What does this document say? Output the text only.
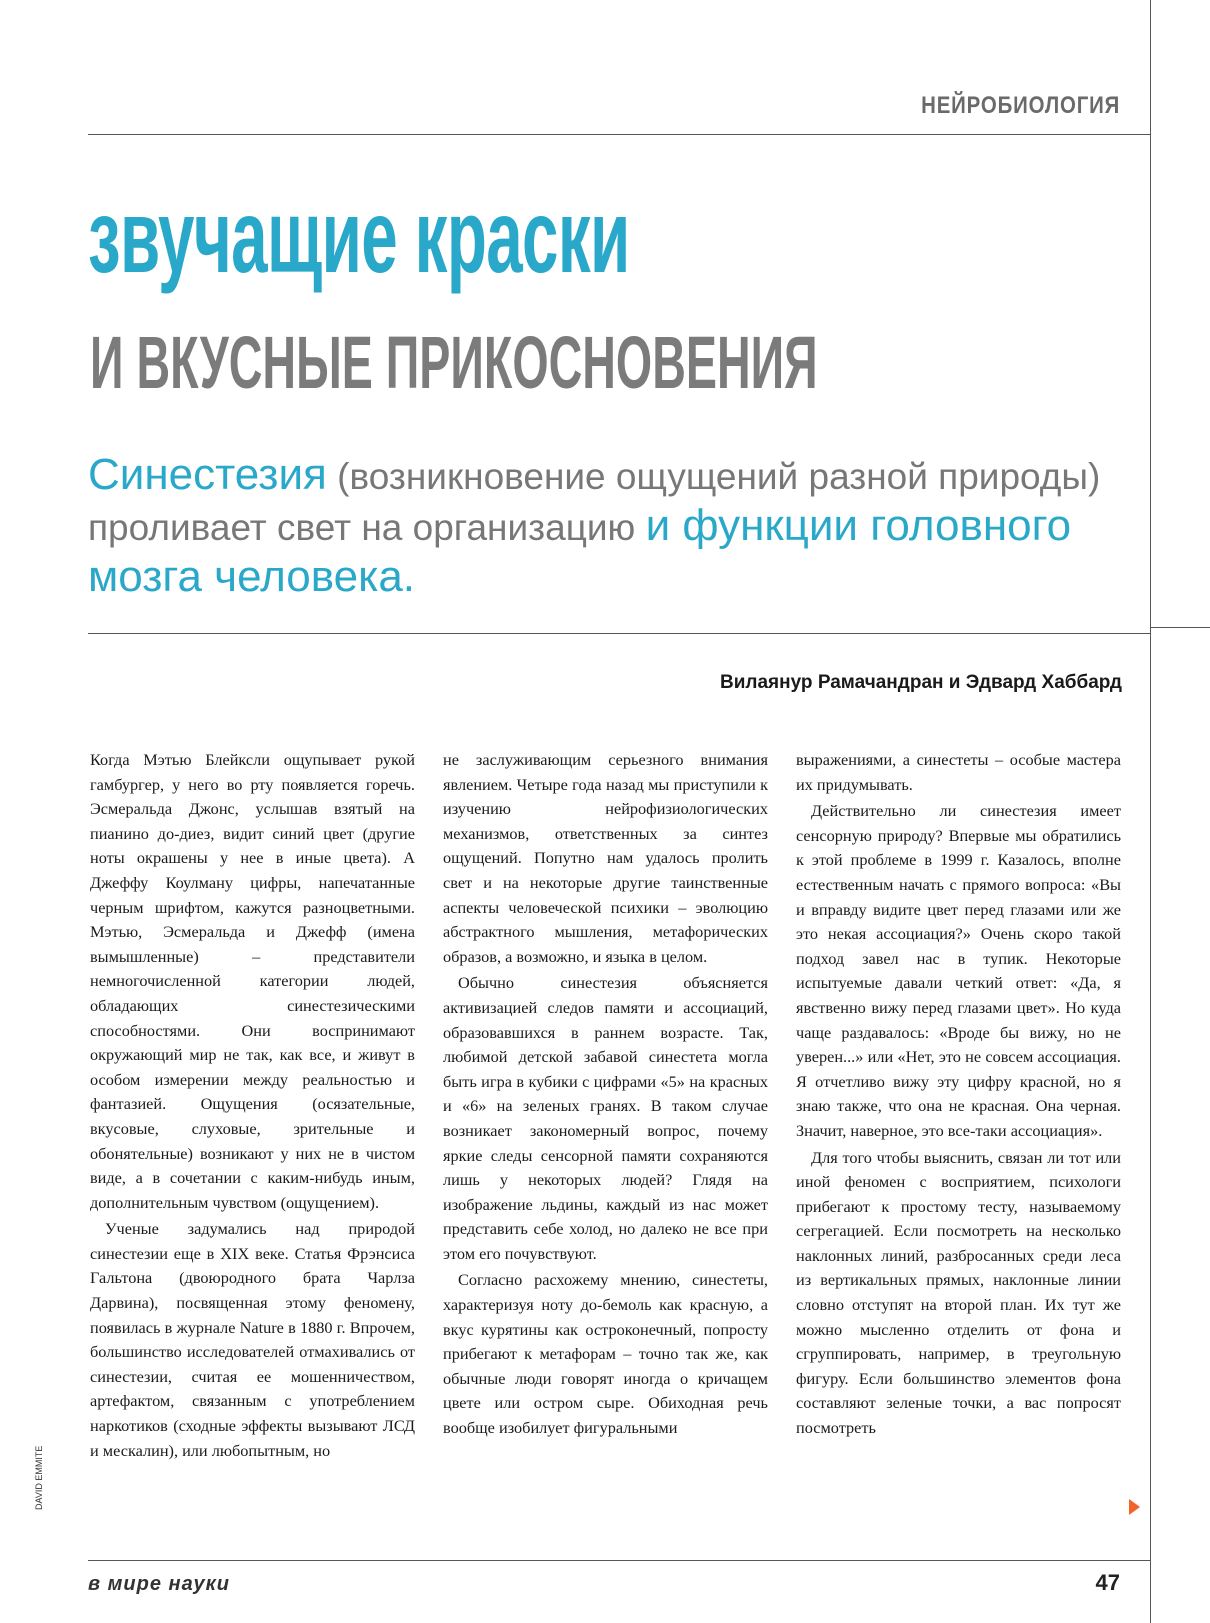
НЕЙРОБИОЛОГИЯ
звучащие краски
И ВКУСНЫЕ ПРИКОСНОВЕНИЯ
Синестезия (возникновение ощущений разной природы) проливает свет на организацию и функции головного мозга человека.
Вилаянур Рамачандран и Эдвард Хаббард

Когда Мэтью Блейксли ощупывает рукой гамбургер, у него во рту появляется горечь. Эсмеральда Джонс, услышав взятый на пианино до-диез, видит синий цвет (другие ноты окрашены у нее в иные цвета). А Джеффу Коулману цифры, напечатанные черным шрифтом, кажутся разноцветными. Мэтью, Эсмеральда и Джефф (имена вымышленные) – представители немногочисленной категории людей, обладающих синестезическими способностями. Они воспринимают окружающий мир не так, как все, и живут в особом измерении между реальностью и фантазией. Ощущения (осязательные, вкусовые, слуховые, зрительные и обонятельные) возникают у них не в чистом виде, а в сочетании с каким-нибудь иным, дополнительным чувством (ощущением).

Ученые задумались над природой синестезии еще в XIX веке. Статья Фрэнсиса Гальтона (двоюродного брата Чарлза Дарвина), посвященная этому феномену, появилась в журнале Nature в 1880 г. Впрочем, большинство исследователей отмахивались от синестезии, считая ее мошенничеством, артефактом, связанным с употреблением наркотиков (сходные эффекты вызывают ЛСД и мескалин), или любопытным, но

не заслуживающим серьезного внимания явлением. Четыре года назад мы приступили к изучению нейрофизиологических механизмов, ответственных за синтез ощущений. Попутно нам удалось пролить свет и на некоторые другие таинственные аспекты человеческой психики – эволюцию абстрактного мышления, метафорических образов, а возможно, и языка в целом.

Обычно синестезия объясняется активизацией следов памяти и ассоциаций, образовавшихся в раннем возрасте. Так, любимой детской забавой синестета могла быть игра в кубики с цифрами «5» на красных и «6» на зеленых гранях. В таком случае возникает закономерный вопрос, почему яркие следы сенсорной памяти сохраняются лишь у некоторых людей? Глядя на изображение льдины, каждый из нас может представить себе холод, но далеко не все при этом его почувствуют.

Согласно расхожему мнению, синестеты, характеризуя ноту до-бемоль как красную, а вкус курятины как остроконечный, попросту прибегают к метафорам – точно так же, как обычные люди говорят иногда о кричащем цвете или остром сыре. Обиходная речь вообще изобилует фигуральными

выражениями, а синестеты – особые мастера их придумывать.

Действительно ли синестезия имеет сенсорную природу? Впервые мы обратились к этой проблеме в 1999 г. Казалось, вполне естественным начать с прямого вопроса: «Вы и вправду видите цвет перед глазами или же это некая ассоциация?» Очень скоро такой подход завел нас в тупик. Некоторые испытуемые давали четкий ответ: «Да, я явственно вижу перед глазами цвет». Но куда чаще раздавалось: «Вроде бы вижу, но не уверен...» или «Нет, это не совсем ассоциация. Я отчетливо вижу эту цифру красной, но я знаю также, что она не красная. Она черная. Значит, наверное, это все-таки ассоциация».

Для того чтобы выяснить, связан ли тот или иной феномен с восприятием, психологи прибегают к простому тесту, называемому сегрегацией. Если посмотреть на несколько наклонных линий, разбросанных среди леса из вертикальных прямых, наклонные линии словно отступят на второй план. Их тут же можно мысленно отделить от фона и сгруппировать, например, в треугольную фигуру. Если большинство элементов фона составляют зеленые точки, а вас попросят посмотреть

DAVID EMMITE
в мире науки	47
